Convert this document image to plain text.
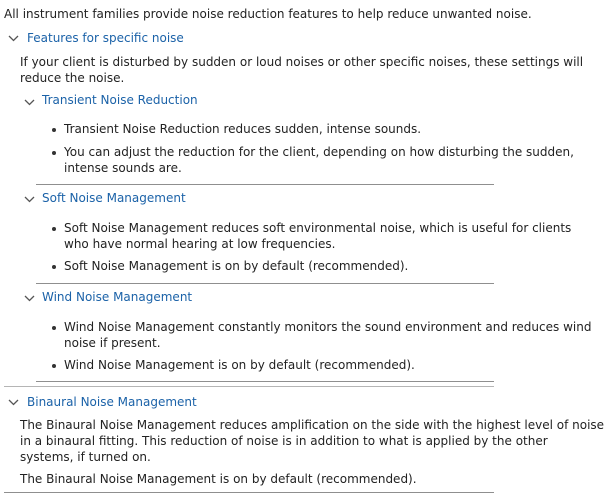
All instrument families provide noise reduction features to help reduce unwanted noise.
Features for specific noise
If your client is disturbed by sudden or loud noises or other specific noises, these settings will
reduce the noise.
Transient Noise Reduction
Transient Noise Reduction reduces sudden, intense sounds.
You can adjust the reduction for the client, depending on how disturbing the sudden,
intense sounds are.
Soft Noise Management
Soft Noise Management reduces soft environmental noise, which is useful for clients
who have normal hearing at low frequencies.
Soft Noise Management is on by default (recommended).
Wind Noise Management
Wind Noise Management constantly monitors the sound environment and reduces wind
noise if present.
Wind Noise Management is on by default (recommended).
Binaural Noise Management
The Binaural Noise Management reduces amplification on the side with the highest level of noise
in a binaural fitting. This reduction of noise is in addition to what is applied by the other
systems, if turned on.
The Binaural Noise Management is on by default (recommended).
